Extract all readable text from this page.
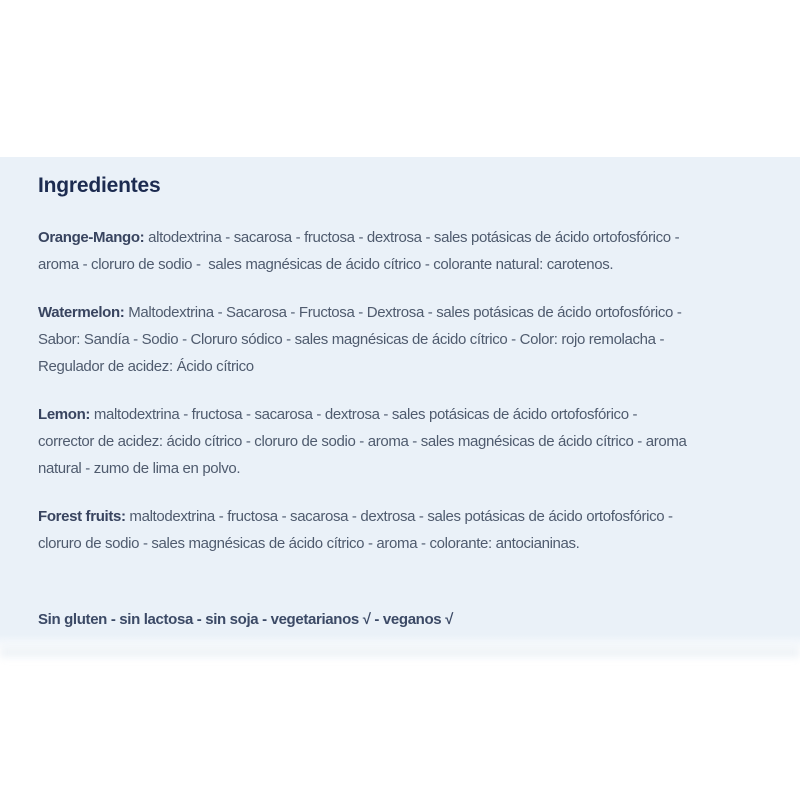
Ingredientes
Orange-Mango: altodextrina - sacarosa - fructosa - dextrosa - sales potásicas de ácido ortofosfórico -
aroma - cloruro de sodio -  sales magnésicas de ácido cítrico - colorante natural: carotenos.
Watermelon: Maltodextrina - Sacarosa - Fructosa - Dextrosa - sales potásicas de ácido ortofosfórico -
Sabor: Sandía - Sodio - Cloruro sódico - sales magnésicas de ácido cítrico - Color: rojo remolacha -
Regulador de acidez: Ácido cítrico
Lemon: maltodextrina - fructosa - sacarosa - dextrosa - sales potásicas de ácido ortofosfórico -
corrector de acidez: ácido cítrico - cloruro de sodio - aroma - sales magnésicas de ácido cítrico - aroma
natural - zumo de lima en polvo.
Forest fruits: maltodextrina - fructosa - sacarosa - dextrosa - sales potásicas de ácido ortofosfórico -
cloruro de sodio - sales magnésicas de ácido cítrico - aroma - colorante: antocianinas.
Sin gluten - sin lactosa - sin soja - vegetarianos √ - veganos √
